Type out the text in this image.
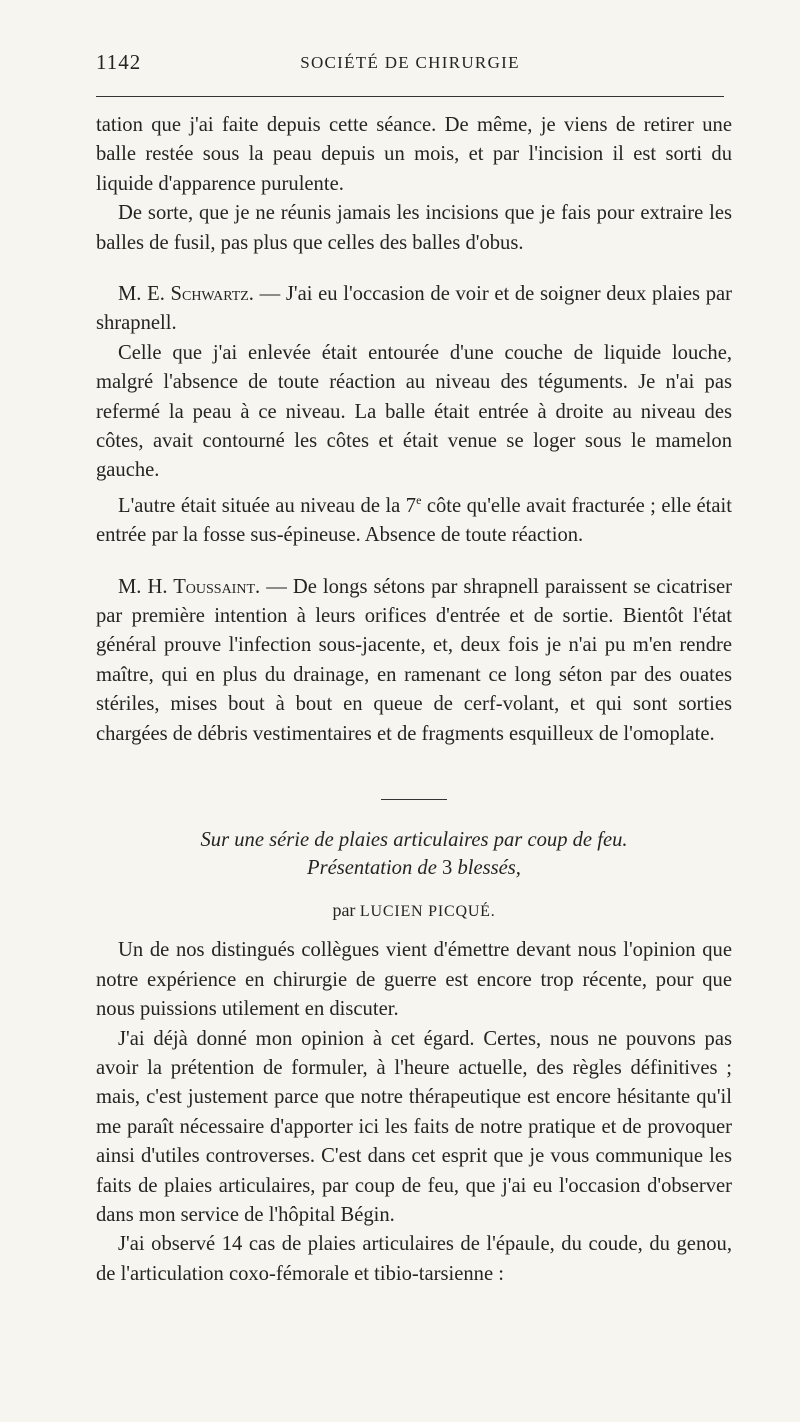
1142	SOCIÉTÉ DE CHIRURGIE

tation que j'ai faite depuis cette séance. De même, je viens de retirer une balle restée sous la peau depuis un mois, et par l'incision il est sorti du liquide d'apparence purulente.

De sorte, que je ne réunis jamais les incisions que je fais pour extraire les balles de fusil, pas plus que celles des balles d'obus.

M. E. Schwartz. — J'ai eu l'occasion de voir et de soigner deux plaies par shrapnell.

Celle que j'ai enlevée était entourée d'une couche de liquide louche, malgré l'absence de toute réaction au niveau des téguments. Je n'ai pas refermé la peau à ce niveau. La balle était entrée à droite au niveau des côtes, avait contourné les côtes et était venue se loger sous le mamelon gauche.

L'autre était située au niveau de la 7e côte qu'elle avait fracturée ; elle était entrée par la fosse sus-épineuse. Absence de toute réaction.

M. H. Toussaint. — De longs sétons par shrapnell paraissent se cicatriser par première intention à leurs orifices d'entrée et de sortie. Bientôt l'état général prouve l'infection sous-jacente, et, deux fois je n'ai pu m'en rendre maître, qui en plus du drainage, en ramenant ce long séton par des ouates stériles, mises bout à bout en queue de cerf-volant, et qui sont sorties chargées de débris vestimentaires et de fragments esquilleux de l'omoplate.

Sur une série de plaies articulaires par coup de feu.

Présentation de 3 blessés,

par LUCIEN PICQUÉ.

Un de nos distingués collègues vient d'émettre devant nous l'opinion que notre expérience en chirurgie de guerre est encore trop récente, pour que nous puissions utilement en discuter.

J'ai déjà donné mon opinion à cet égard. Certes, nous ne pouvons pas avoir la prétention de formuler, à l'heure actuelle, des règles définitives ; mais, c'est justement parce que notre thérapeutique est encore hésitante qu'il me paraît nécessaire d'apporter ici les faits de notre pratique et de provoquer ainsi d'utiles controverses. C'est dans cet esprit que je vous communique les faits de plaies articulaires, par coup de feu, que j'ai eu l'occasion d'observer dans mon service de l'hôpital Bégin.

J'ai observé 14 cas de plaies articulaires de l'épaule, du coude, du genou, de l'articulation coxo-fémorale et tibio-tarsienne :
